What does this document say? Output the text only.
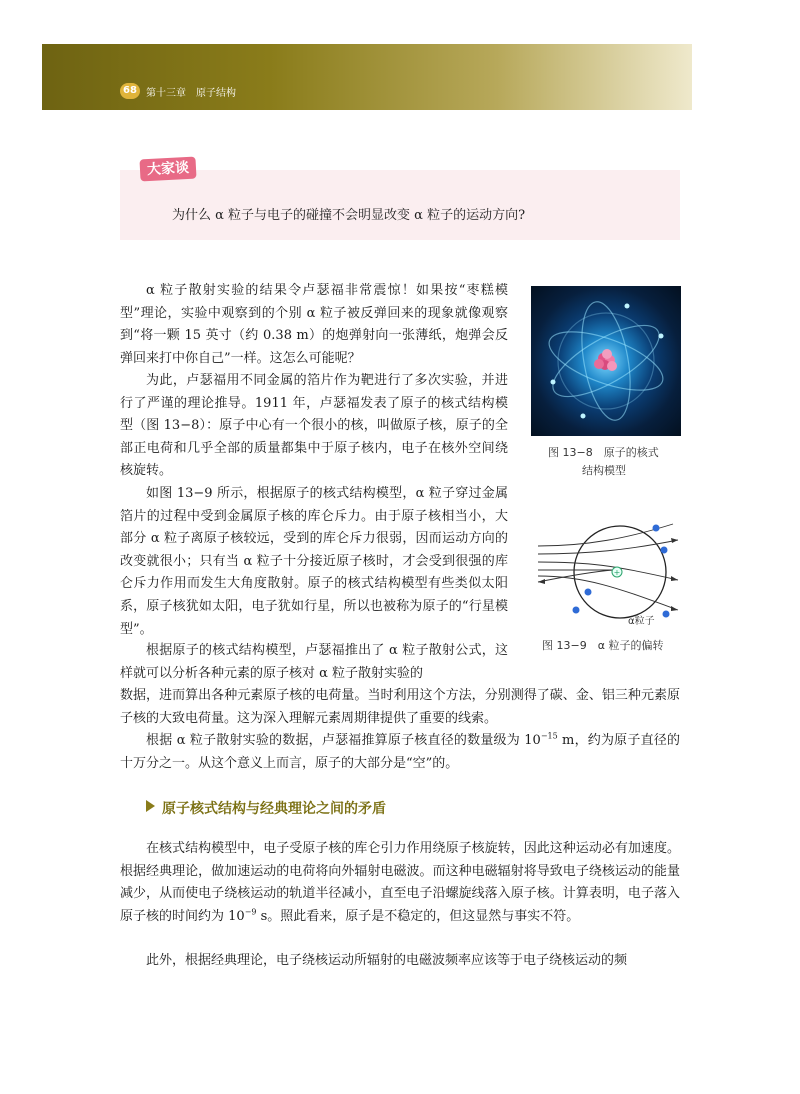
68 第十三章　原子结构
大家谈
为什么 α 粒子与电子的碰撞不会明显改变 α 粒子的运动方向?

α 粒子散射实验的结果令卢瑟福非常震惊！如果按“枣糕模型”理论，实验中观察到的个别 α 粒子被反弹回来的现象就像观察到“将一颗 15 英寸（约 0.38 m）的炮弹射向一张薄纸，炮弹会反弹回来打中你自己”一样。这怎么可能呢？

为此，卢瑟福用不同金属的箔片作为靶进行了多次实验，并进行了严谨的理论推导。1911 年，卢瑟福发表了原子的核式结构模型（图 13−8）：原子中心有一个很小的核，叫做原子核，原子的全部正电荷和几乎全部的质量都集中于原子核内，电子在核外空间绕核旋转。

如图 13−9 所示，根据原子的核式结构模型，α 粒子穿过金属箔片的过程中受到金属原子核的库仑斥力。由于原子核相当小，大部分 α 粒子离原子核较远，受到的库仑斥力很弱，因而运动方向的改变就很小；只有当 α 粒子十分接近原子核时，才会受到很强的库仑斥力作用而发生大角度散射。原子的核式结构模型有些类似太阳系，原子核犹如太阳，电子犹如行星，所以也被称为原子的“行星模型”。

根据原子的核式结构模型，卢瑟福推出了 α 粒子散射公式，这样就可以分析各种元素的原子核对 α 粒子散射实验的

数据，进而算出各种元素原子核的电荷量。当时利用这个方法，分别测得了碳、金、铝三种元素原子核的大致电荷量。这为深入理解元素周期律提供了重要的线索。

根据 α 粒子散射实验的数据，卢瑟福推算原子核直径的数量级为 $10^{-15}$ m，约为原子直径的十万分之一。从这个意义上而言，原子的大部分是“空”的。

原子核式结构与经典理论之间的矛盾

在核式结构模型中，电子受原子核的库仑引力作用绕原子核旋转，因此这种运动必有加速度。根据经典理论，做加速运动的电荷将向外辐射电磁波。而这种电磁辐射将导致电子绕核运动的能量减少，从而使电子绕核运动的轨道半径减小，直至电子沿螺旋线落入原子核。计算表明，电子落入原子核的时间约为 $10^{-9}$ s。照此看来，原子是不稳定的，但这显然与事实不符。

此外，根据经典理论，电子绕核运动所辐射的电磁波频率应该等于电子绕核运动的频

图 13−8　原子的核式
结构模型
+
α粒子
图 13−9　α 粒子的偏转
